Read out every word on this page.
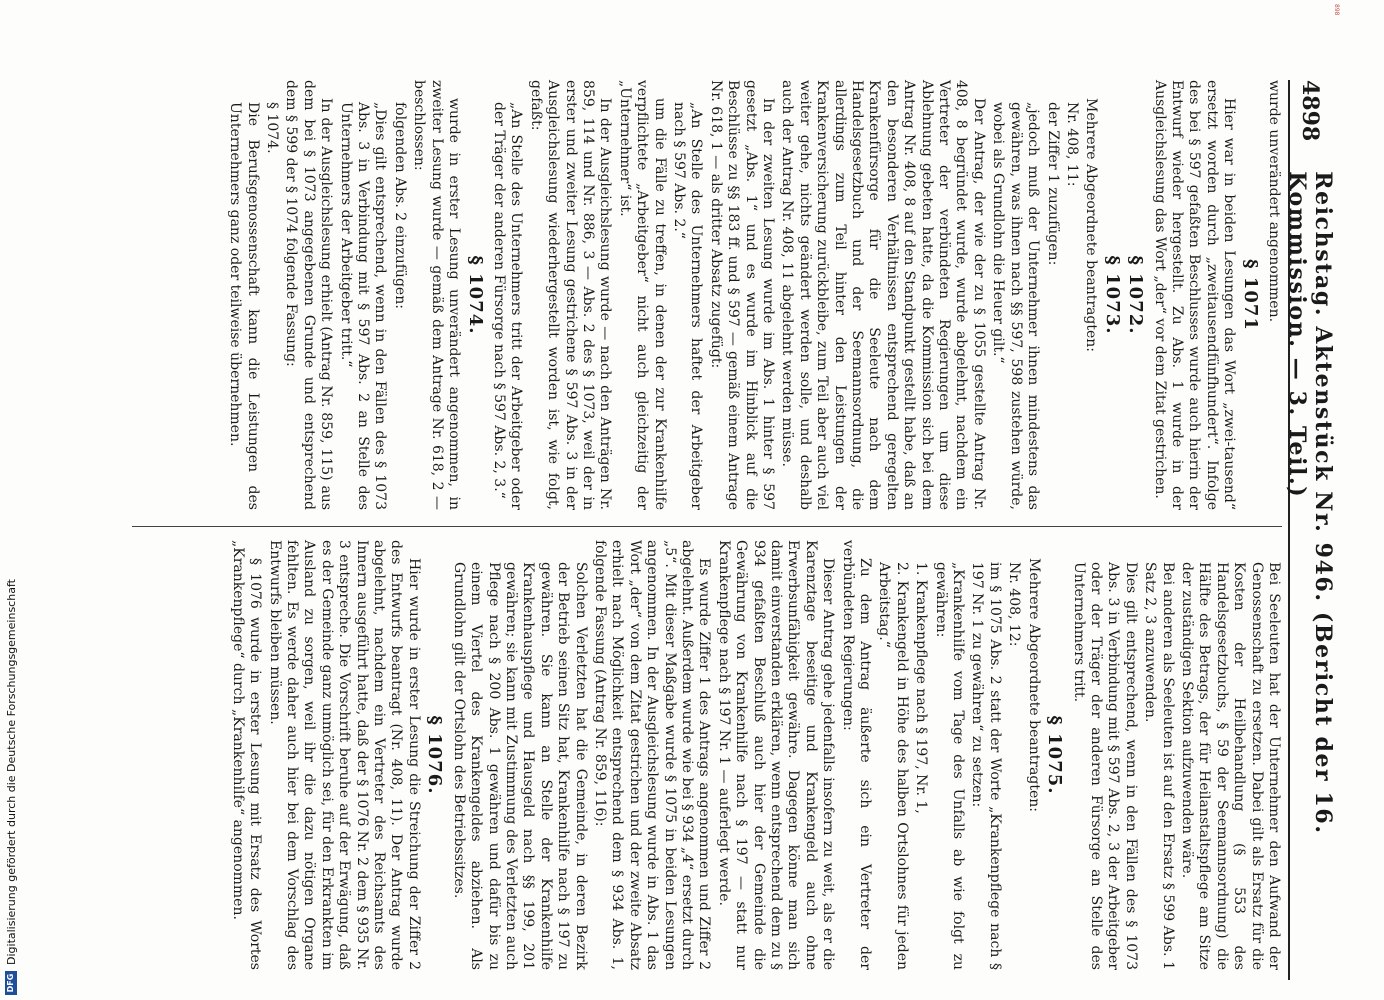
4898
Reichstag. Aktenstück Nr. 946. (Bericht der 16. Kommission. — 3. Teil.)

wurde unverändert angenommen.

§ 1071

Hier war in beiden Lesungen das Wort „zwei-tausend“ ersetzt worden durch „zweitausendfünfhundert“. Infolge des bei § 597 gefaßten Beschlusses wurde auch hierin der Entwurf wieder hergestellt. Zu Abs. 1 wurde in der Ausgleichslesung das Wort „der“ vor dem Zitat gestrichen.

§ 1072.
§ 1073.

Mehrere Abgeordnete beantragten:

Nr. 408, 11:

der Ziffer 1 zuzufügen:

„jedoch muß der Unternehmer ihnen mindestens das gewähren, was ihnen nach §§ 597, 598 zustehen würde, wobei als Grundlohn die Heuer gilt.“

Der Antrag, der wie der zu § 1055 gestellte Antrag Nr. 408, 8 begründet wurde, wurde abgelehnt, nachdem ein Vertreter der verbündeten Regierungen um diese Ablehnung gebeten hatte, da die Kommission sich bei dem Antrag Nr. 408, 8 auf den Standpunkt gestellt habe, daß an den besonderen Verhältnissen entsprechend geregelten Krankenfürsorge für die Seeleute nach dem Handelsgesetzbuch und der Seemannsordnung, die allerdings zum Teil hinter den Leistungen der Krankenversicherung zurückbleibe, zum Teil aber auch viel weiter gehe, nichts geändert werden solle, und deshalb auch der Antrag Nr. 408, 11 abgelehnt werden müsse.

In der zweiten Lesung wurde im Abs. 1 hinter § 597 gesetzt „Abs. 1“ und es wurde im Hinblick auf die Beschlüsse zu §§ 183 ff. und § 597 — gemäß einem Antrage Nr. 618, 1 — als dritter Absatz zugefügt:

„An Stelle des Unternehmers haftet der Arbeitgeber nach § 597 Abs. 2.“

um die Fälle zu treffen, in denen der zur Krankenhilfe verpflichtete „Arbeitgeber“ nicht auch gleichzeitig der „Unternehmer“ ist.

In der Ausgleichslesung wurde — nach den Anträgen Nr. 859, 114 und Nr. 886, 3 — Abs. 2 des § 1073, weil der in erster und zweiter Lesung gestrichene § 597 Abs. 3 in der Ausgleichslesung wiederhergestellt worden ist, wie folgt, gefaßt:

„An Stelle des Unternehmers tritt der Arbeitgeber oder der Träger der anderen Fürsorge nach § 597 Abs. 2, 3.“

§ 1074.

wurde in erster Lesung unverändert angenommen, in zweiter Lesung wurde — gemäß dem Antrage Nr. 618, 2 — beschlossen:

folgenden Abs. 2 einzufügen:

„Dies gilt entsprechend, wenn in den Fällen des § 1073 Abs. 3 in Verbindung mit § 597 Abs. 2 an Stelle des Unternehmers der Arbeitgeber tritt.“

In der Ausgleichslesung erhielt (Antrag Nr. 859, 115) aus dem bei § 1073 angegebenen Grunde und entsprechend dem § 599 der § 1074 folgende Fassung:

§ 1074.

Die Berufsgenossenschaft kann die Leistungen des Unternehmers ganz oder teilweise übernehmen.

Bei Seeleuten hat der Unternehmer den Aufwand der Genossenschaft zu ersetzen. Dabei gilt als Ersatz für die Kosten der Heilbehandlung (§ 553 des Handelsgesetzbuchs, § 59 der Seemannsordnung) die Hälfte des Betrags, der für Heilanstaltspflege am Sitze der zuständigen Sektion aufzuwenden wäre.

Bei anderen als Seeleuten ist auf den Ersatz § 599 Abs. 1 Satz 2, 3 anzuwenden.

Dies gilt entsprechend, wenn in den Fällen des § 1073 Abs. 3 in Verbindung mit § 597 Abs. 2, 3 der Arbeitgeber oder der Träger der anderen Fürsorge an Stelle des Unternehmers tritt.

§ 1075.

Mehrere Abgeordnete beantragten:

Nr. 408, 12:

im § 1075 Abs. 2 statt der Worte „Krankenpflege nach § 197 Nr. 1 zu gewähren“ zu setzen:

„Krankenhilfe vom Tage des Unfalls ab wie folgt zu gewähren:

1. Krankenpflege nach § 197, Nr. 1,

2. Krankengeld in Höhe des halben Ortslohnes für jeden Arbeitstag.“

Zu dem Antrag äußerte sich ein Vertreter der verbündeten Regierungen:

Dieser Antrag gehe jedenfalls insofern zu weit, als er die Karenztage beseitige und Krankengeld auch ohne Erwerbsunfähigkeit gewähre. Dagegen könne man sich damit einverstanden erklären, wenn entsprechend dem zu § 934 gefaßten Beschluß auch hier der Gemeinde die Gewährung von Krankenhilfe nach § 197 — statt nur Krankenpflege nach § 197 Nr. 1 — auferlegt werde.

Es wurde Ziffer 1 des Antrags angenommen und Ziffer 2 abgelehnt. Außerdem wurde wie bei § 934 „4“ ersetzt durch „5“. Mit dieser Maßgabe wurde § 1075 in beiden Lesungen angenommen. In der Ausgleichslesung wurde in Abs. 1 das Wort „der“ von dem Zitat gestrichen und der zweite Absatz erhielt nach Möglichkeit entsprechend dem § 934 Abs. 1, folgende Fassung (Antrag Nr. 859, 116):

Solchen Verletzten hat die Gemeinde, in deren Bezirk der Betrieb seinen Sitz hat, Krankenhilfe nach § 197 zu gewähren. Sie kann an Stelle der Krankenhilfe Krankenhauspflege und Hausgeld nach §§ 199, 201 gewähren; sie kann mit Zustimmung des Verletzten auch Pflege nach § 200 Abs. 1 gewähren und dafür bis zu einem Viertel des Krankengeldes abziehen. Als Grundlohn gilt der Ortslohn des Betriebssitzes.

§ 1076.

Hier wurde in erster Lesung die Streichung der Ziffer 2 des Entwurfs beantragt (Nr. 408, 11). Der Antrag wurde abgelehnt, nachdem ein Vertreter des Reichsamts des Innern ausgeführt hatte, daß der § 1076 Nr. 2 dem § 935 Nr. 3 entspreche. Die Vorschrift beruhe auf der Erwägung, daß es der Gemeinde ganz unmöglich sei, für den Erkrankten im Ausland zu sorgen, weil ihr die dazu nötigen Organe fehlten. Es werde daher auch hier bei dem Vorschlag des Entwurfs bleiben müssen.

§ 1076 wurde in erster Lesung mit Ersatz des Wortes „Krankenpflege“ durch „Krankenhilfe“ angenommen.

898
DFG
Digitalisierung gefördert durch die Deutsche Forschungsgemeinschaft
